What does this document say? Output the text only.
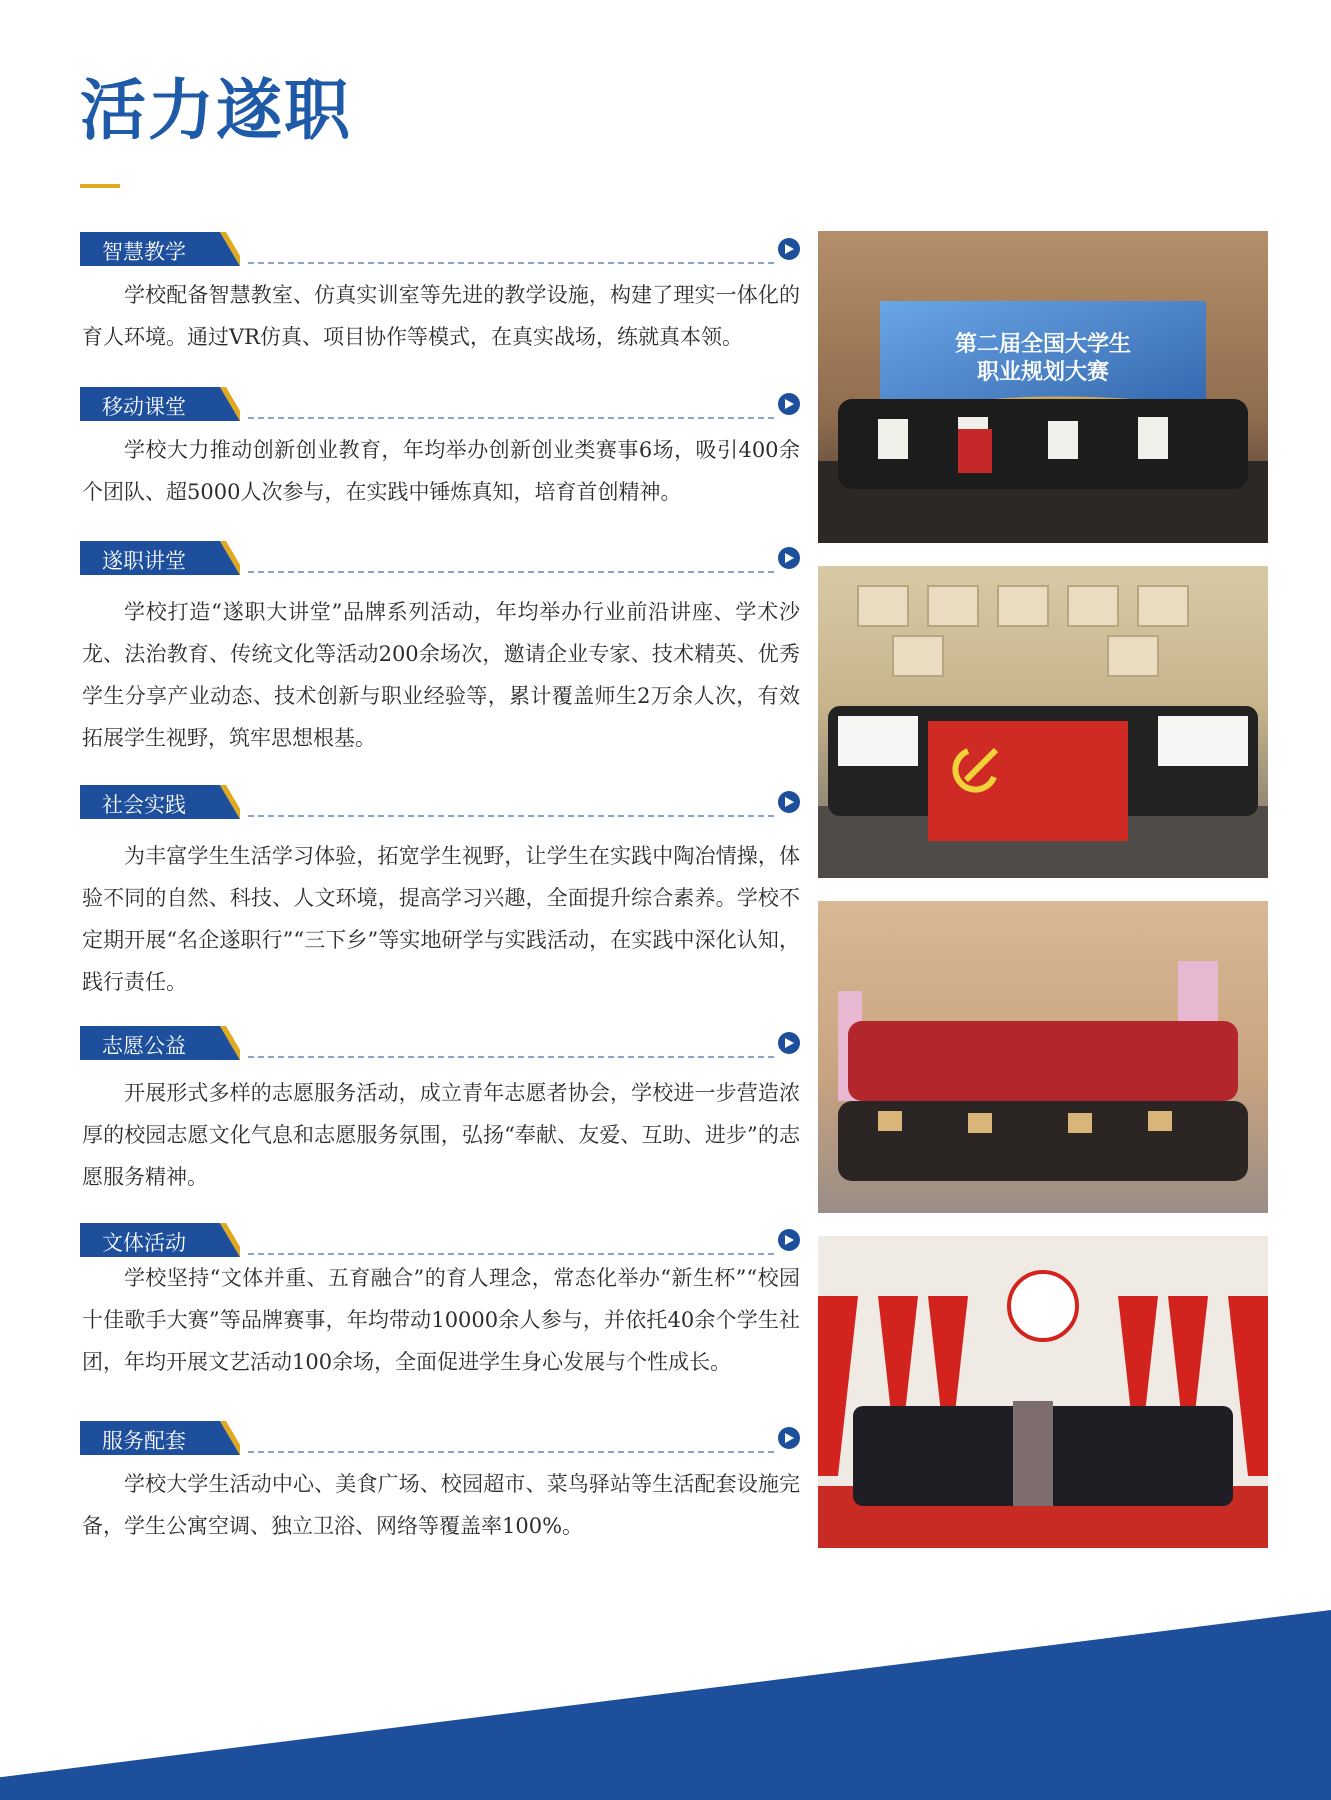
活力遂职
智慧教学

学校配备智慧教室、仿真实训室等先进的教学设施，构建了理实一体化的育人环境。通过VR仿真、项目协作等模式，在真实战场，练就真本领。

移动课堂

学校大力推动创新创业教育，年均举办创新创业类赛事6场，吸引400余个团队、超5000人次参与，在实践中锤炼真知，培育首创精神。

遂职讲堂

学校打造“遂职大讲堂”品牌系列活动，年均举办行业前沿讲座、学术沙龙、法治教育、传统文化等活动200余场次，邀请企业专家、技术精英、优秀学生分享产业动态、技术创新与职业经验等，累计覆盖师生2万余人次，有效拓展学生视野，筑牢思想根基。

社会实践

为丰富学生生活学习体验，拓宽学生视野，让学生在实践中陶冶情操，体验不同的自然、科技、人文环境，提高学习兴趣，全面提升综合素养。学校不定期开展“名企遂职行”“三下乡”等实地研学与实践活动，在实践中深化认知，践行责任。

志愿公益

开展形式多样的志愿服务活动，成立青年志愿者协会，学校进一步营造浓厚的校园志愿文化气息和志愿服务氛围，弘扬“奉献、友爱、互助、进步”的志愿服务精神。

文体活动

学校坚持“文体并重、五育融合”的育人理念，常态化举办“新生杯”“校园十佳歌手大赛”等品牌赛事，年均带动10000余人参与，并依托40余个学生社团，年均开展文艺活动100余场，全面促进学生身心发展与个性成长。

服务配套

学校大学生活动中心、美食广场、校园超市、菜鸟驿站等生活配套设施完备，学生公寓空调、独立卫浴、网络等覆盖率100%。

第二届全国大学生
职业规划大赛
